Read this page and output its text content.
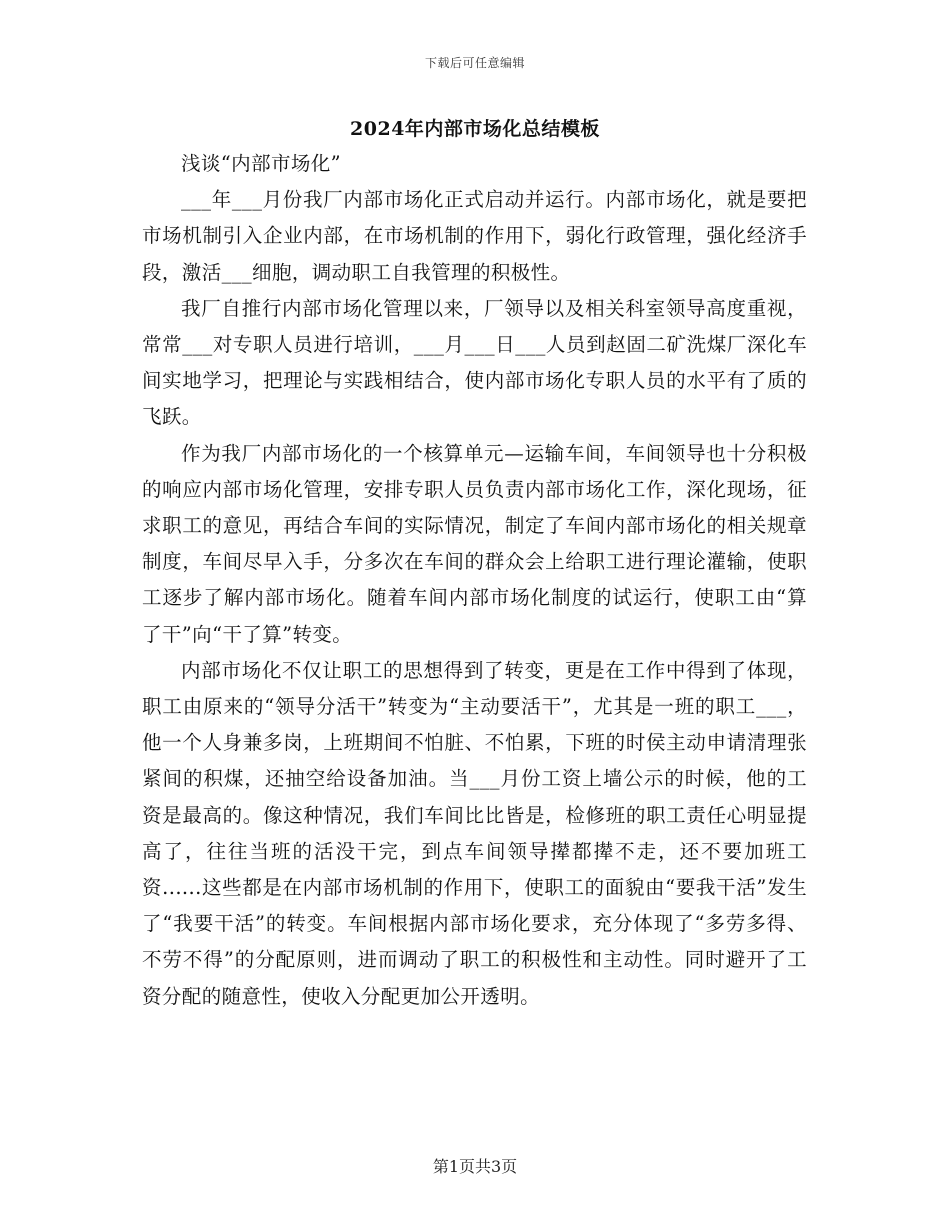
下载后可任意编辑
2024年内部市场化总结模板

浅谈“内部市场化”

___年___月份我厂内部市场化正式启动并运行。内部市场化，就是要把市场机制引入企业内部，在市场机制的作用下，弱化行政管理，强化经济手段，激活___细胞，调动职工自我管理的积极性。

我厂自推行内部市场化管理以来，厂领导以及相关科室领导高度重视，常常___对专职人员进行培训，___月___日___人员到赵固二矿洗煤厂深化车间实地学习，把理论与实践相结合，使内部市场化专职人员的水平有了质的飞跃。

作为我厂内部市场化的一个核算单元—运输车间，车间领导也十分积极的响应内部市场化管理，安排专职人员负责内部市场化工作，深化现场，征求职工的意见，再结合车间的实际情况，制定了车间内部市场化的相关规章制度，车间尽早入手，分多次在车间的群众会上给职工进行理论灌输，使职工逐步了解内部市场化。随着车间内部市场化制度的试运行，使职工由“算了干”向“干了算”转变。

内部市场化不仅让职工的思想得到了转变，更是在工作中得到了体现，职工由原来的“领导分活干”转变为“主动要活干”，尤其是一班的职工___，他一个人身兼多岗，上班期间不怕脏、不怕累，下班的时侯主动申请清理张紧间的积煤，还抽空给设备加油。当___月份工资上墙公示的时候，他的工资是最高的。像这种情况，我们车间比比皆是，检修班的职工责任心明显提高了，往往当班的活没干完，到点车间领导撵都撵不走，还不要加班工资......这些都是在内部市场机制的作用下，使职工的面貌由“要我干活”发生了“我要干活”的转变。车间根据内部市场化要求，充分体现了“多劳多得、不劳不得”的分配原则，进而调动了职工的积极性和主动性。同时避开了工资分配的随意性，使收入分配更加公开透明。

第1页共3页
